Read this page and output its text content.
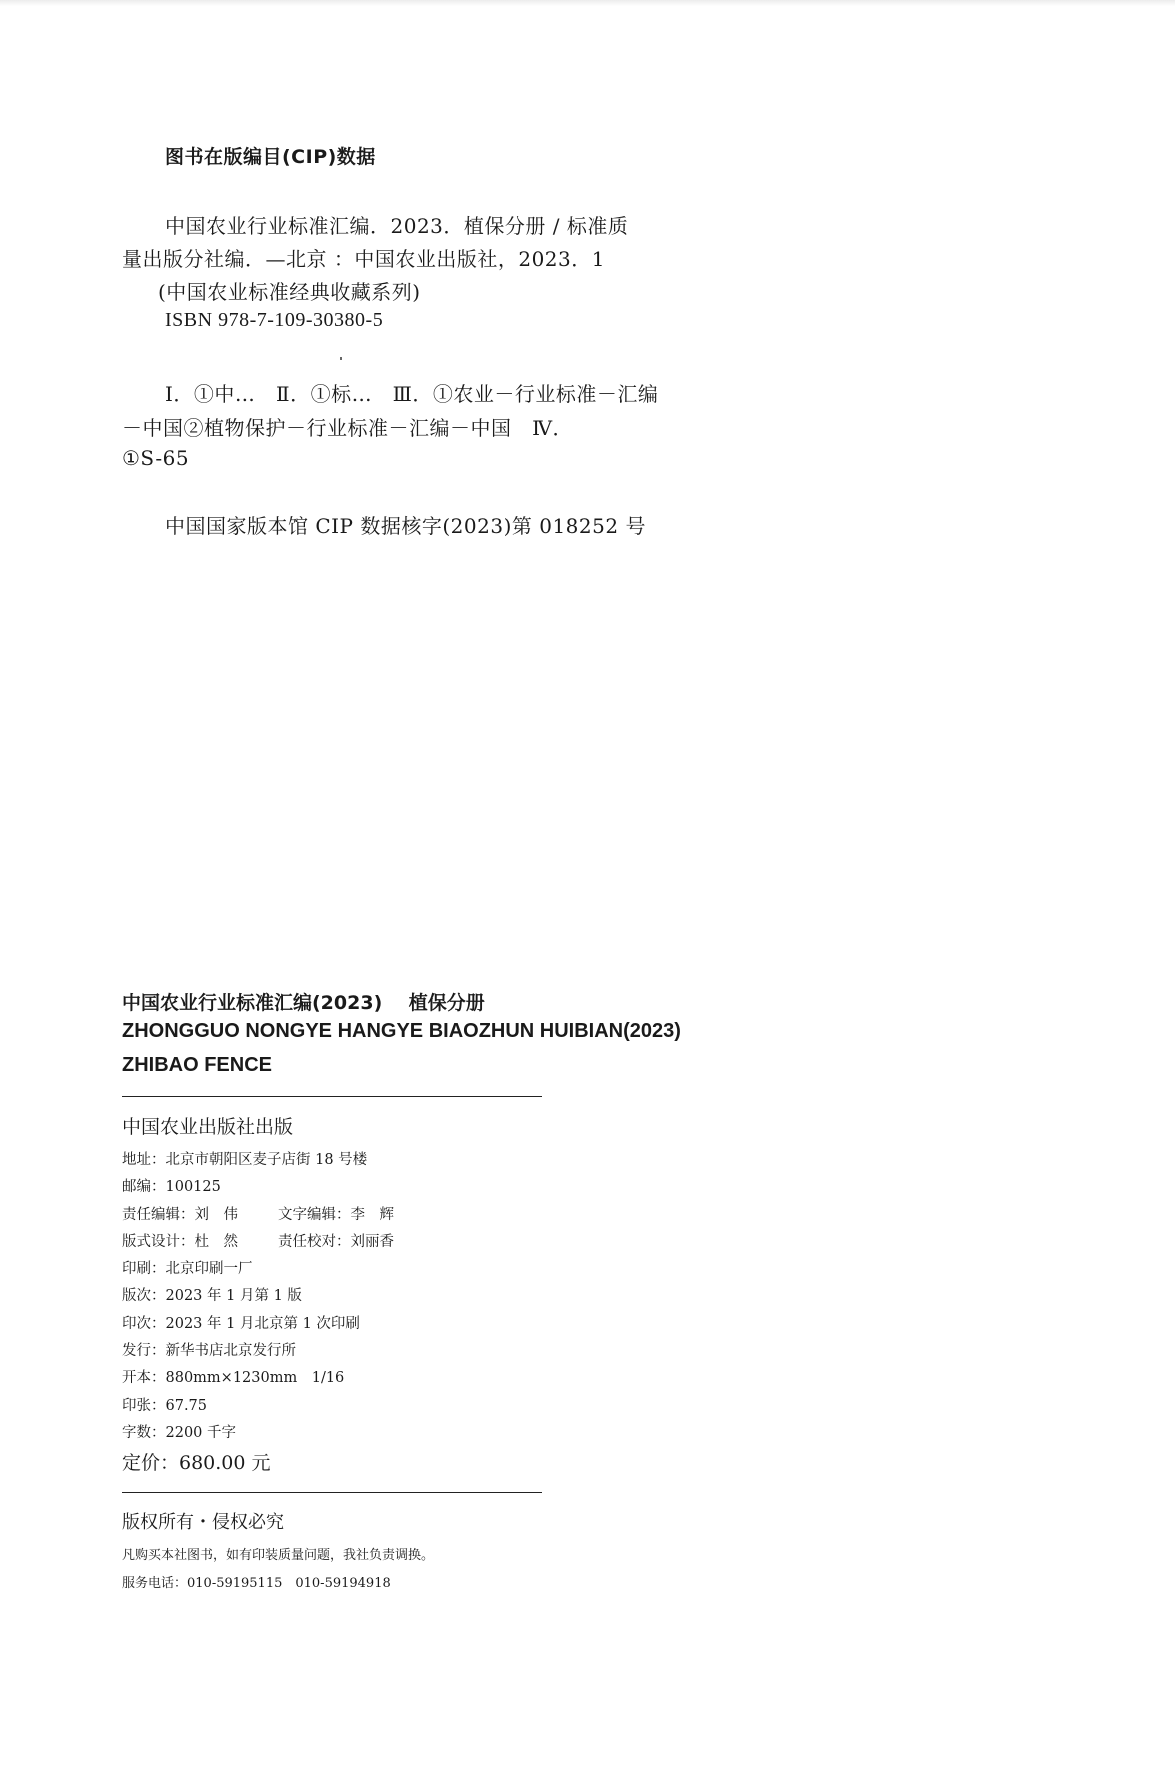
图书在版编目(CIP)数据
中国农业行业标准汇编．2023．植保分册 / 标准质
量出版分社编．—北京 ：中国农业出版社，2023．1
(中国农业标准经典收藏系列)
ISBN 978-7-109-30380-5
Ⅰ．①中…   Ⅱ．①标…   Ⅲ．①农业－行业标准－汇编
－中国②植物保护－行业标准－汇编－中国   Ⅳ．
①S-65
中国国家版本馆 CIP 数据核字(2023)第 018252 号
中国农业行业标准汇编(2023)    植保分册
ZHONGGUO NONGYE HANGYE BIAOZHUN HUIBIAN(2023)
ZHIBAO FENCE
中国农业出版社出版
地址：北京市朝阳区麦子店街 18 号楼
邮编：100125
责任编辑：刘　伟	文字编辑：李　辉
版式设计：杜　然	责任校对：刘丽香
印刷：北京印刷一厂
版次：2023 年 1 月第 1 版
印次：2023 年 1 月北京第 1 次印刷
发行：新华书店北京发行所
开本：880mm×1230mm　1/16
印张：67.75
字数：2200 千字
定价：680.00 元
版权所有・侵权必究
凡购买本社图书，如有印装质量问题，我社负责调换。
服务电话：010-59195115　010-59194918
